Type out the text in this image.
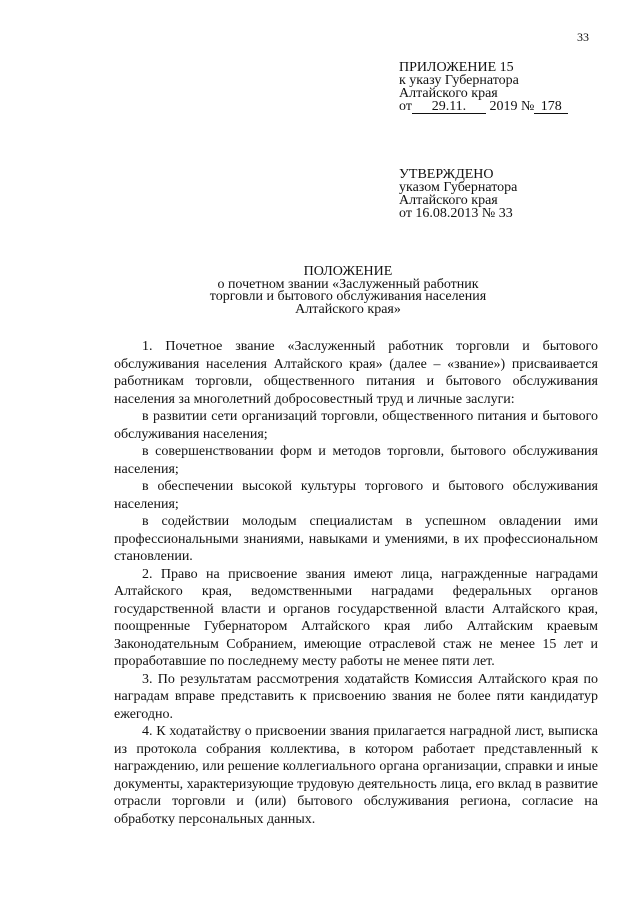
33
ПРИЛОЖЕНИЕ 15
к указу Губернатора
Алтайского края
от 29.11. 2019 № 178
УТВЕРЖДЕНО
указом Губернатора
Алтайского края
от 16.08.2013 № 33
ПОЛОЖЕНИЕ
о почетном звании «Заслуженный работник
торговли и бытового обслуживания населения
Алтайского края»

1. Почетное звание «Заслуженный работник торговли и бытового обслуживания населения Алтайского края» (далее – «звание») присваивается работникам торговли, общественного питания и бытового обслуживания населения за многолетний добросовестный труд и личные заслуги:

в развитии сети организаций торговли, общественного питания и бытового обслуживания населения;

в совершенствовании форм и методов торговли, бытового обслуживания населения;

в обеспечении высокой культуры торгового и бытового обслуживания населения;

в содействии молодым специалистам в успешном овладении ими профессиональными знаниями, навыками и умениями, в их профессиональном становлении.

2. Право на присвоение звания имеют лица, награжденные наградами Алтайского края, ведомственными наградами федеральных органов государственной власти и органов государственной власти Алтайского края, поощренные Губернатором Алтайского края либо Алтайским краевым Законодательным Собранием, имеющие отраслевой стаж не менее 15 лет и проработавшие по последнему месту работы не менее пяти лет.

3. По результатам рассмотрения ходатайств Комиссия Алтайского края по наградам вправе представить к присвоению звания не более пяти кандидатур ежегодно.

4. К ходатайству о присвоении звания прилагается наградной лист, выписка из протокола собрания коллектива, в котором работает представленный к награждению, или решение коллегиального органа организации, справки и иные документы, характеризующие трудовую деятельность лица, его вклад в развитие отрасли торговли и (или) бытового обслуживания региона, согласие на обработку персональных данных.
